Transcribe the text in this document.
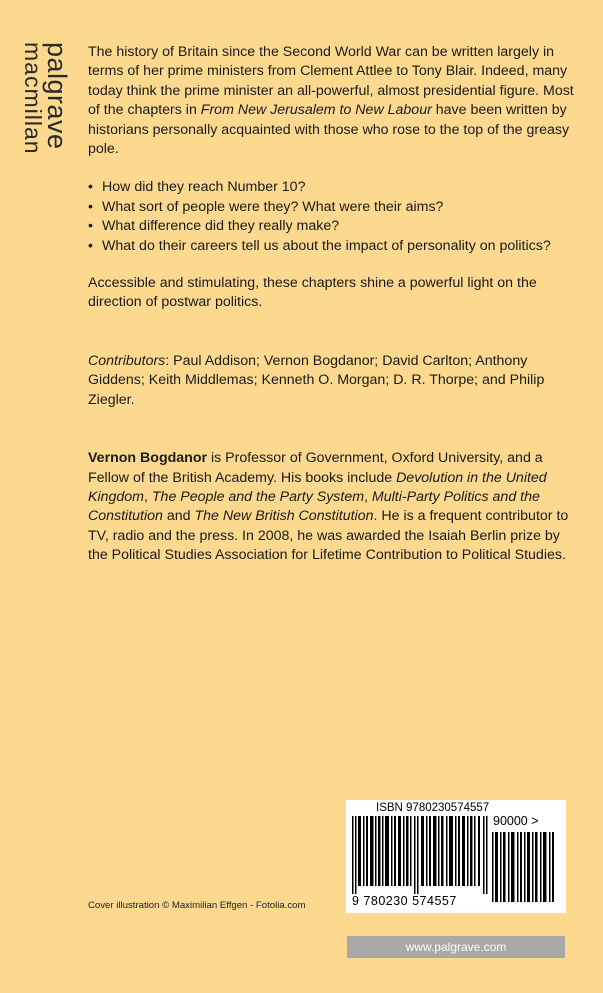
palgrave
macmillan	The history of Britain since the Second World War can be written largely in terms of her prime ministers from Clement Attlee to Tony Blair. Indeed, many today think the prime minister an all-powerful, almost presidential figure. Most of the chapters in From New Jerusalem to New Labour have been written by historians personally acquainted with those who rose to the top of the greasy pole.

• How did they reach Number 10?
• What sort of people were they? What were their aims?
• What difference did they really make?
• What do their careers tell us about the impact of personality on politics?

Accessible and stimulating, these chapters shine a powerful light on the direction of postwar politics.

Contributors: Paul Addison; Vernon Bogdanor; David Carlton; Anthony Giddens; Keith Middlemas; Kenneth O. Morgan; D. R. Thorpe; and Philip Ziegler.

Vernon Bogdanor is Professor of Government, Oxford University, and a Fellow of the British Academy. His books include Devolution in the United Kingdom, The People and the Party System, Multi-Party Politics and the Constitution and The New British Constitution. He is a frequent contributor to TV, radio and the press. In 2008, he was awarded the Isaiah Berlin prize by the Political Studies Association for Lifetime Contribution to Political Studies.

ISBN 9780230574557
90000 >
9 780230 574557
Cover illustration © Maximilian Effgen - Fotolia.com
www.palgrave.com
